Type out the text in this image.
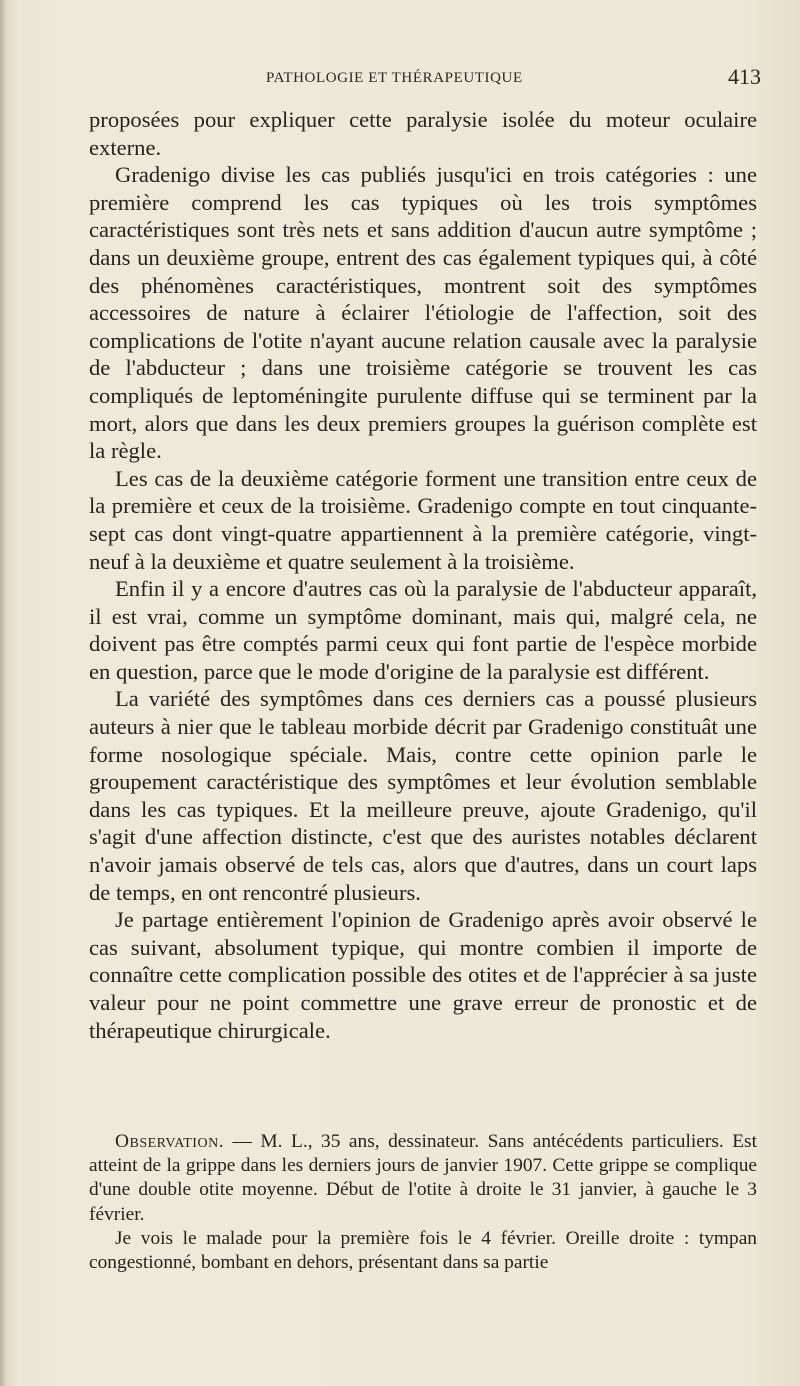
PATHOLOGIE ET THÉRAPEUTIQUE	413

proposées pour expliquer cette paralysie isolée du moteur oculaire externe.

Gradenigo divise les cas publiés jusqu'ici en trois catégories : une première comprend les cas typiques où les trois symptômes caractéristiques sont très nets et sans addition d'aucun autre symptôme ; dans un deuxième groupe, entrent des cas également typiques qui, à côté des phénomènes caractéristiques, montrent soit des symptômes accessoires de nature à éclairer l'étiologie de l'affection, soit des complications de l'otite n'ayant aucune relation causale avec la paralysie de l'abducteur ; dans une troisième catégorie se trouvent les cas compliqués de leptoméningite purulente diffuse qui se terminent par la mort, alors que dans les deux premiers groupes la guérison complète est la règle.

Les cas de la deuxième catégorie forment une transition entre ceux de la première et ceux de la troisième. Gradenigo compte en tout cinquante-sept cas dont vingt-quatre appartiennent à la première catégorie, vingt-neuf à la deuxième et quatre seulement à la troisième.

Enfin il y a encore d'autres cas où la paralysie de l'abducteur apparaît, il est vrai, comme un symptôme dominant, mais qui, malgré cela, ne doivent pas être comptés parmi ceux qui font partie de l'espèce morbide en question, parce que le mode d'origine de la paralysie est différent.

La variété des symptômes dans ces derniers cas a poussé plusieurs auteurs à nier que le tableau morbide décrit par Gradenigo constituât une forme nosologique spéciale. Mais, contre cette opinion parle le groupement caractéristique des symptômes et leur évolution semblable dans les cas typiques. Et la meilleure preuve, ajoute Gradenigo, qu'il s'agit d'une affection distincte, c'est que des auristes notables déclarent n'avoir jamais observé de tels cas, alors que d'autres, dans un court laps de temps, en ont rencontré plusieurs.

Je partage entièrement l'opinion de Gradenigo après avoir observé le cas suivant, absolument typique, qui montre combien il importe de connaître cette complication possible des otites et de l'apprécier à sa juste valeur pour ne point commettre une grave erreur de pronostic et de thérapeutique chirurgicale.

Observation. — M. L., 35 ans, dessinateur. Sans antécédents particuliers. Est atteint de la grippe dans les derniers jours de janvier 1907. Cette grippe se complique d'une double otite moyenne. Début de l'otite à droite le 31 janvier, à gauche le 3 février.

Je vois le malade pour la première fois le 4 février. Oreille droite : tympan congestionné, bombant en dehors, présentant dans sa partie
